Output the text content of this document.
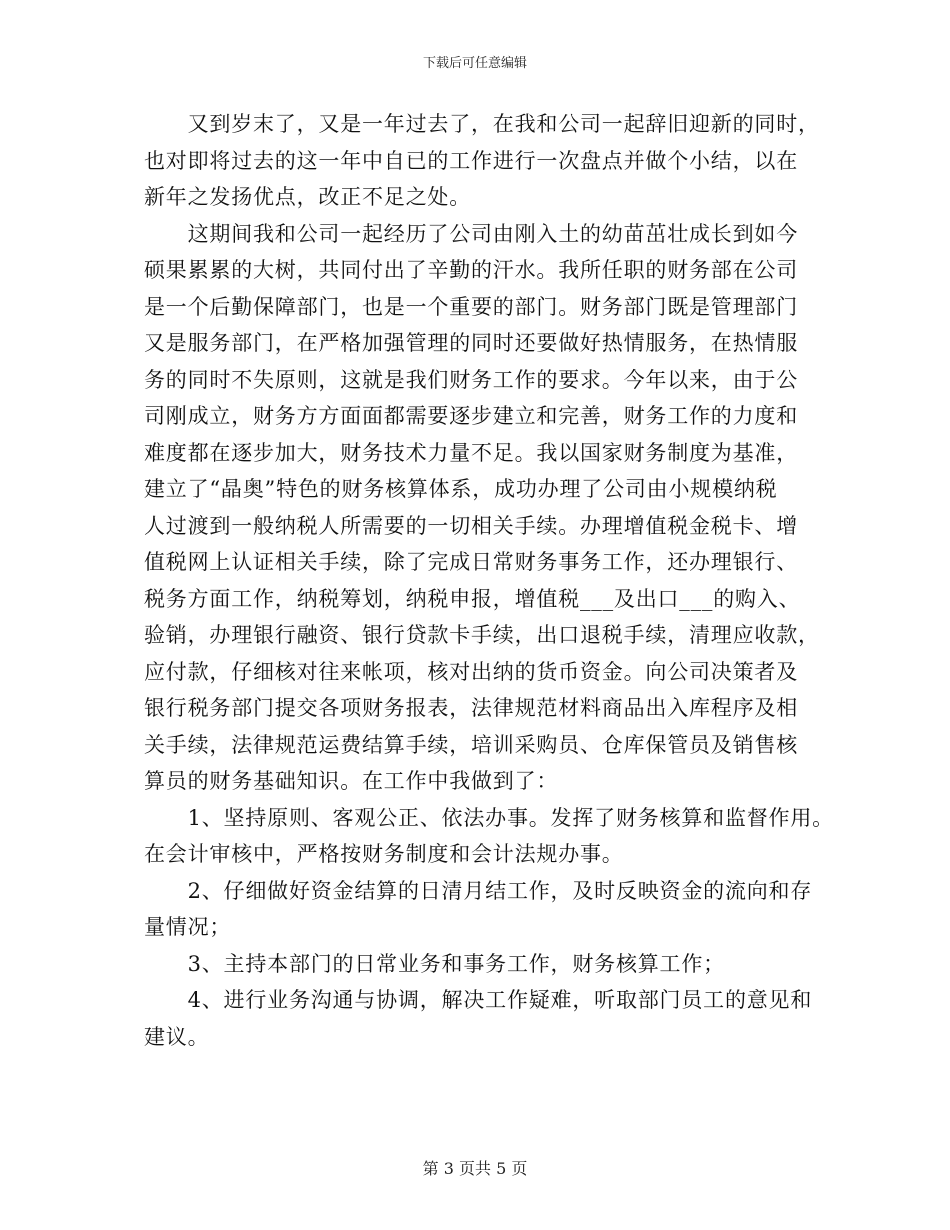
下载后可任意编辑
　　又到岁末了，又是一年过去了，在我和公司一起辞旧迎新的同时，
也对即将过去的这一年中自已的工作进行一次盘点并做个小结，以在
新年之发扬优点，改正不足之处。
　　这期间我和公司一起经历了公司由刚入土的幼苗茁壮成长到如今
硕果累累的大树，共同付出了辛勤的汗水。我所任职的财务部在公司
是一个后勤保障部门，也是一个重要的部门。财务部门既是管理部门
又是服务部门，在严格加强管理的同时还要做好热情服务，在热情服
务的同时不失原则，这就是我们财务工作的要求。今年以来，由于公
司刚成立，财务方方面面都需要逐步建立和完善，财务工作的力度和
难度都在逐步加大，财务技术力量不足。我以国家财务制度为基准，
建立了“晶奥”特色的财务核算体系，成功办理了公司由小规模纳税
人过渡到一般纳税人所需要的一切相关手续。办理增值税金税卡、增
值税网上认证相关手续，除了完成日常财务事务工作，还办理银行、
税务方面工作，纳税筹划，纳税申报，增值税___及出口___的购入、
验销，办理银行融资、银行贷款卡手续，出口退税手续，清理应收款，
应付款，仔细核对往来帐项，核对出纳的货币资金。向公司决策者及
银行税务部门提交各项财务报表，法律规范材料商品出入库程序及相
关手续，法律规范运费结算手续，培训采购员、仓库保管员及销售核
算员的财务基础知识。在工作中我做到了：
　　1、坚持原则、客观公正、依法办事。发挥了财务核算和监督作用。
在会计审核中，严格按财务制度和会计法规办事。
　　2、仔细做好资金结算的日清月结工作，及时反映资金的流向和存
量情况；
　　3、主持本部门的日常业务和事务工作，财务核算工作；
　　4、进行业务沟通与协调，解决工作疑难，听取部门员工的意见和
建议。
第 3 页共 5 页
